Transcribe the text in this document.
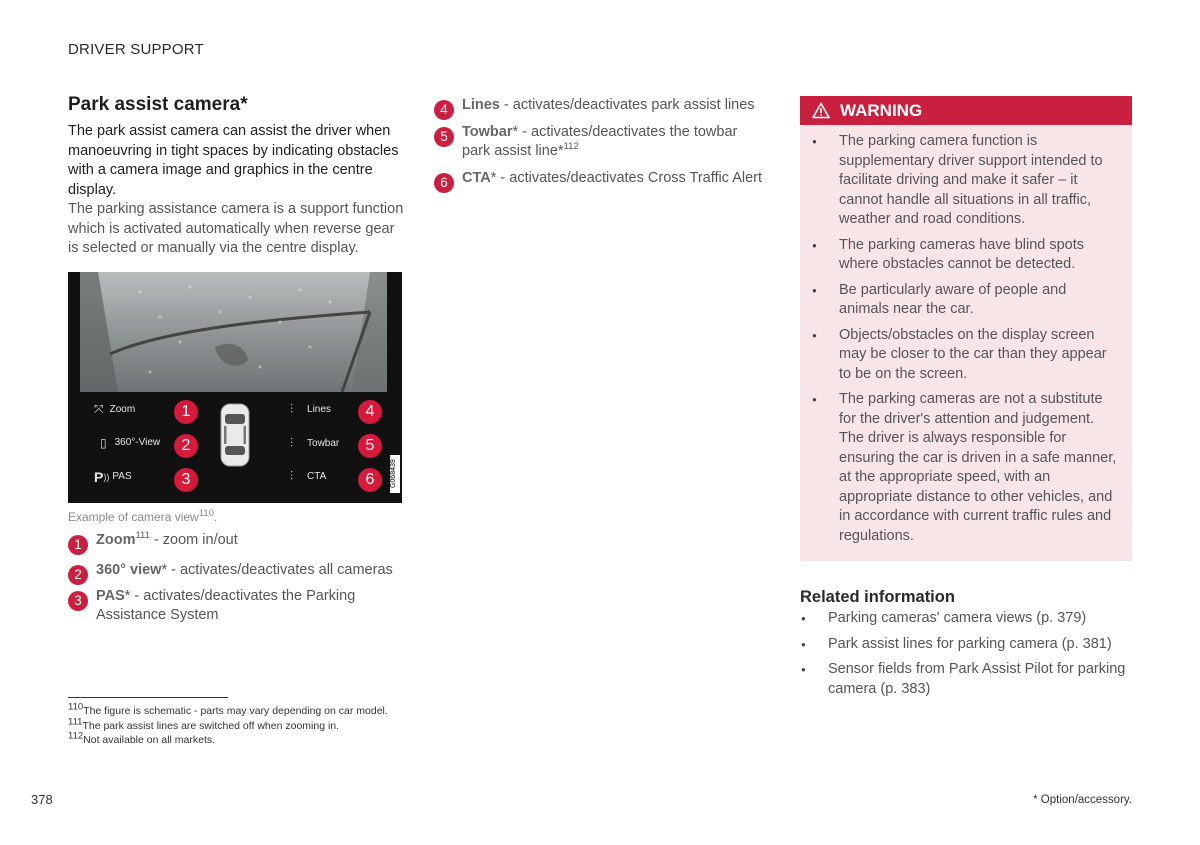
DRIVER SUPPORT
Park assist camera*

The park assist camera can assist the driver when manoeuvring in tight spaces by indicating obstacles with a camera image and graphics in the centre display.

The parking assistance camera is a support function which is activated automatically when reverse gear is selected or manually via the centre display.

⤧ Zoom	1
▯ 360°-View	2
P )) PAS	3
⫶ Lines	4
⫶ Towbar	5
⫶ CTA	6	G068439
Example of camera view$^{110}$.
1 Zoom$^{111}$ - zoom in/out
2 360° view* - activates/deactivates all cameras
3 PAS* - activates/deactivates the Parking Assistance System
4 Lines - activates/deactivates park assist lines
5 Towbar* - activates/deactivates the towbar park assist line*$^{112}$
6 CTA* - activates/deactivates Cross Traffic Alert
WARNING
● The parking camera function is supplementary driver support intended to facilitate driving and make it safer – it cannot handle all situations in all traffic, weather and road conditions.
● The parking cameras have blind spots where obstacles cannot be detected.
● Be particularly aware of people and animals near the car.
● Objects/obstacles on the display screen may be closer to the car than they appear to be on the screen.
● The parking cameras are not a substitute for the driver's attention and judgement. The driver is always responsible for ensuring the car is driven in a safe manner, at the appropriate speed, with an appropriate distance to other vehicles, and in accordance with current traffic rules and regulations.
Related information
● Parking cameras' camera views (p. 379)
● Park assist lines for parking camera (p. 381)
● Sensor fields from Park Assist Pilot for parking camera (p. 383)
$^{110}$The figure is schematic - parts may vary depending on car model.
$^{111}$The park assist lines are switched off when zooming in.
$^{112}$Not available on all markets.
378	* Option/accessory.
